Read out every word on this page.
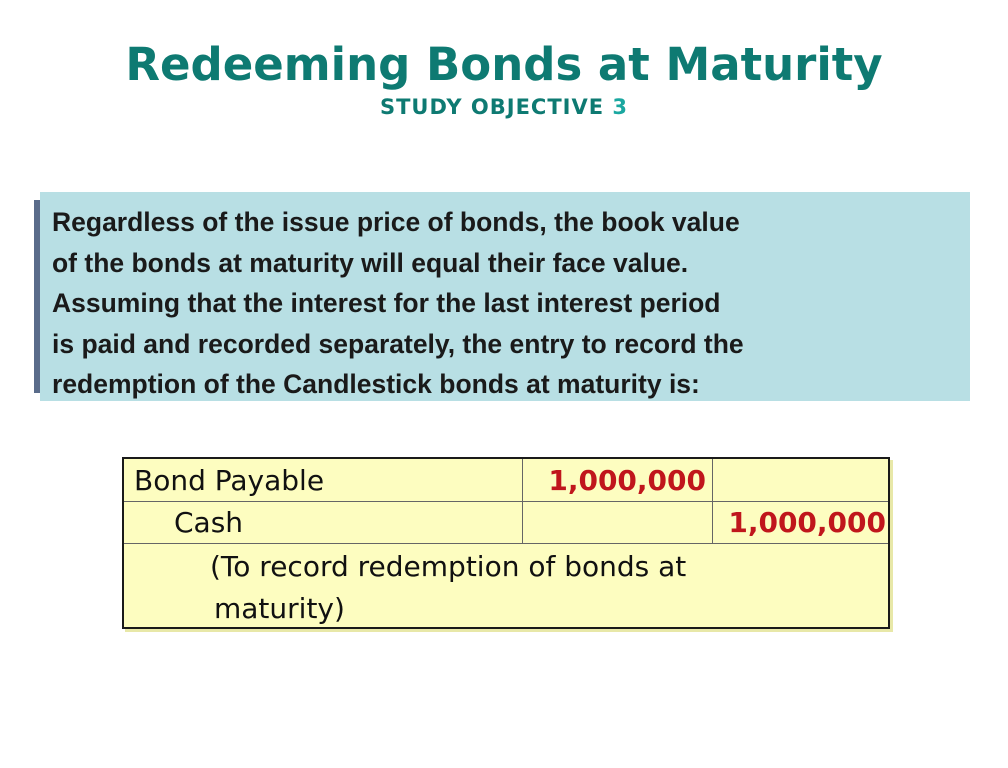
Redeeming Bonds at Maturity
STUDY OBJECTIVE 3

Regardless of the issue price of bonds, the book value

of the bonds at maturity will equal their face value.

Assuming that the interest for the last interest period

is paid and recorded separately, the entry to record the

redemption of the Candlestick bonds at maturity is:

Bond Payable	1,000,000
Cash	1,000,000
(To record redemption of bonds at
maturity)
